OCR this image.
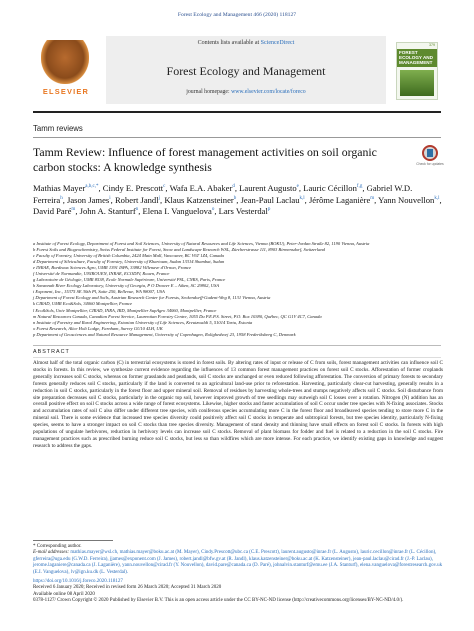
Forest Ecology and Management 466 (2020) 118127
ELSEVIER
Contents lists available at ScienceDirect
Forest Ecology and Management
journal homepage: www.elsevier.com/locate/foreco
379
FOREST ECOLOGY AND MANAGEMENT
Tamm reviews
Tamm Review: Influence of forest management activities on soil organic carbon stocks: A knowledge synthesis	Check for updates
Mathias Mayer$^{a,b,c,*}$, Cindy E. Prescott$^c$, Wafa E.A. Abaker$^d$, Laurent Augusto$^e$, Lauric Cécillon$^{f,g}$, Gabriel W.D. Ferreira$^h$, Jason James$^i$, Robert Jandl$^j$, Klaus Katzensteiner$^b$, Jean-Paul Laclau$^{k,l}$, Jérôme Laganière$^m$, Yann Nouvellon$^{k,l}$, David Paré$^m$, John A. Stanturf$^n$, Elena I. Vanguelova$^o$, Lars Vesterdal$^p$
a Institute of Forest Ecology, Department of Forest and Soil Sciences, University of Natural Resources and Life Sciences, Vienna (BOKU), Peter-Jordan Straße 82, 1190 Vienna, Austria
b Forest Soils and Biogeochemistry, Swiss Federal Institute for Forest, Snow and Landscape Research WSL, Zürcherstrasse 111, 8903 Birmensdorf, Switzerland
c Faculty of Forestry, University of British Columbia, 2424 Main Mall, Vancouver, BC V6T 1Z4, Canada
d Department of Silviculture, Faculty of Forestry, University of Khartoum, Sudan 13314 Shambat, Sudan
e INRAE, Bordeaux Sciences Agro, UMR 1391 ISPA, 33882 Villenave d'Ornon, France
f Université de Normandie, UNIROUEN, INRAE, ECODIV, Rouen, France
g Laboratoire de Géologie, UMR 8538, Ecole Normale Supérieure, Université PSL, CNRS, Paris, France
h Savannah River Ecology Laboratory, University of Georgia, P O Drawer E – Aiken, SC 29802, USA
i Exponent, Inc., 15375 SE 30th Pl, Suite 250, Bellevue, WA 98007, USA
j Department of Forest Ecology and Soils, Austrian Research Center for Forests, Seckendorff-Gudent-Weg 8, 1131 Vienna, Austria
k CIRAD, UMR Eco&Sols, 34060 Montpellier, France
l Eco&Sols, Univ Montpellier, CIRAD, INRA, IRD, Montpellier SupAgro 34060, Montpellier, France
m Natural Resources Canada, Canadian Forest Service, Laurentian Forestry Centre, 1055 Du P.E.P.S. Street, P.O. Box 10380, Québec, QC G1V 4C7, Canada
n Institute of Forestry and Rural Engineering, Estonian University of Life Sciences, Kreutzwaldi 5, 51014 Tartu, Estonia
o Forest Research, Alice Holt Lodge, Farnham, Surrey GU10 4LH, UK
p Department of Geosciences and Natural Resource Management, University of Copenhagen, Rolighedsvej 23, 1958 Frederiksberg C, Denmark
ABSTRACT
Almost half of the total organic carbon (C) in terrestrial ecosystems is stored in forest soils. By altering rates of input or release of C from soils, forest management activities can influence soil C stocks in forests. In this review, we synthesize current evidence regarding the influences of 13 common forest management practices on forest soil C stocks. Afforestation of former croplands generally increases soil C stocks, whereas on former grasslands and peatlands, soil C stocks are unchanged or even reduced following afforestation. The conversion of primary forests to secondary forests generally reduces soil C stocks, particularly if the land is converted to an agricultural land-use prior to reforestation. Harvesting, particularly clear-cut harvesting, generally results in a reduction in soil C stocks, particularly in the forest floor and upper mineral soil. Removal of residues by harvesting whole-trees and stumps negatively affects soil C stocks. Soil disturbance from site preparation decreases soil C stocks, particularly in the organic top soil, however improved growth of tree seedlings may outweigh soil C losses over a rotation. Nitrogen (N) addition has an overall positive effect on soil C stocks across a wide range of forest ecosystems. Likewise, higher stocks and faster accumulation of soil C occur under tree species with N-fixing associates. Stocks and accumulation rates of soil C also differ under different tree species, with coniferous species accumulating more C in the forest floor and broadleaved species tending to store more C in the mineral soil. There is some evidence that increased tree species diversity could positively affect soil C stocks in temperate and subtropical forests, but tree species identity, particularly N-fixing species, seems to have a stronger impact on soil C stocks than tree species diversity. Management of stand density and thinning have small effects on forest soil C stocks. In forests with high populations of ungulate herbivores, reduction in herbivory levels can increase soil C stocks. Removal of plant biomass for fodder and fuel is related to a reduction in the soil C stocks. Fire management practices such as prescribed burning reduce soil C stocks, but less so than wildfires which are more intense. For each practice, we identify existing gaps in knowledge and suggest research to address the gaps.
* Corresponding author.
E-mail addresses: mathias.mayer@wsl.ch, mathias.mayer@boku.ac.at (M. Mayer), Cindy.Prescott@ubc.ca (C.E. Prescott), laurent.augusto@inrae.fr (L. Augusto), lauric.cecillon@inrae.fr (L. Cécillon), gferreira@uga.edu (G.W.D. Ferreira), jjames@exponent.com (J. James), robert.jandl@bfw.gv.at (R. Jandl), klaus.katzensteiner@boku.ac.at (K. Katzensteiner), jean-paul.laclau@cirad.fr (J.-P. Laclau), jerome.laganiere@canada.ca (J. Laganière), yann.nouvellon@cirad.fr (Y. Nouvellon), david.pare@canada.ca (D. Paré), johnalvin.stanturf@emu.ee (J.A. Stanturf), elena.vanguelova@forestresearch.gov.uk (E.I. Vanguelova), lv@ign.ku.dk (L. Vesterdal).
https://doi.org/10.1016/j.foreco.2020.118127
Received 6 January 2020; Received in revised form 26 March 2020; Accepted 31 March 2020
Available online 08 April 2020
0378-1127/ Crown Copyright © 2020 Published by Elsevier B.V. This is an open access article under the CC BY-NC-ND license (http://creativecommons.org/licenses/BY-NC-ND/4.0/).
